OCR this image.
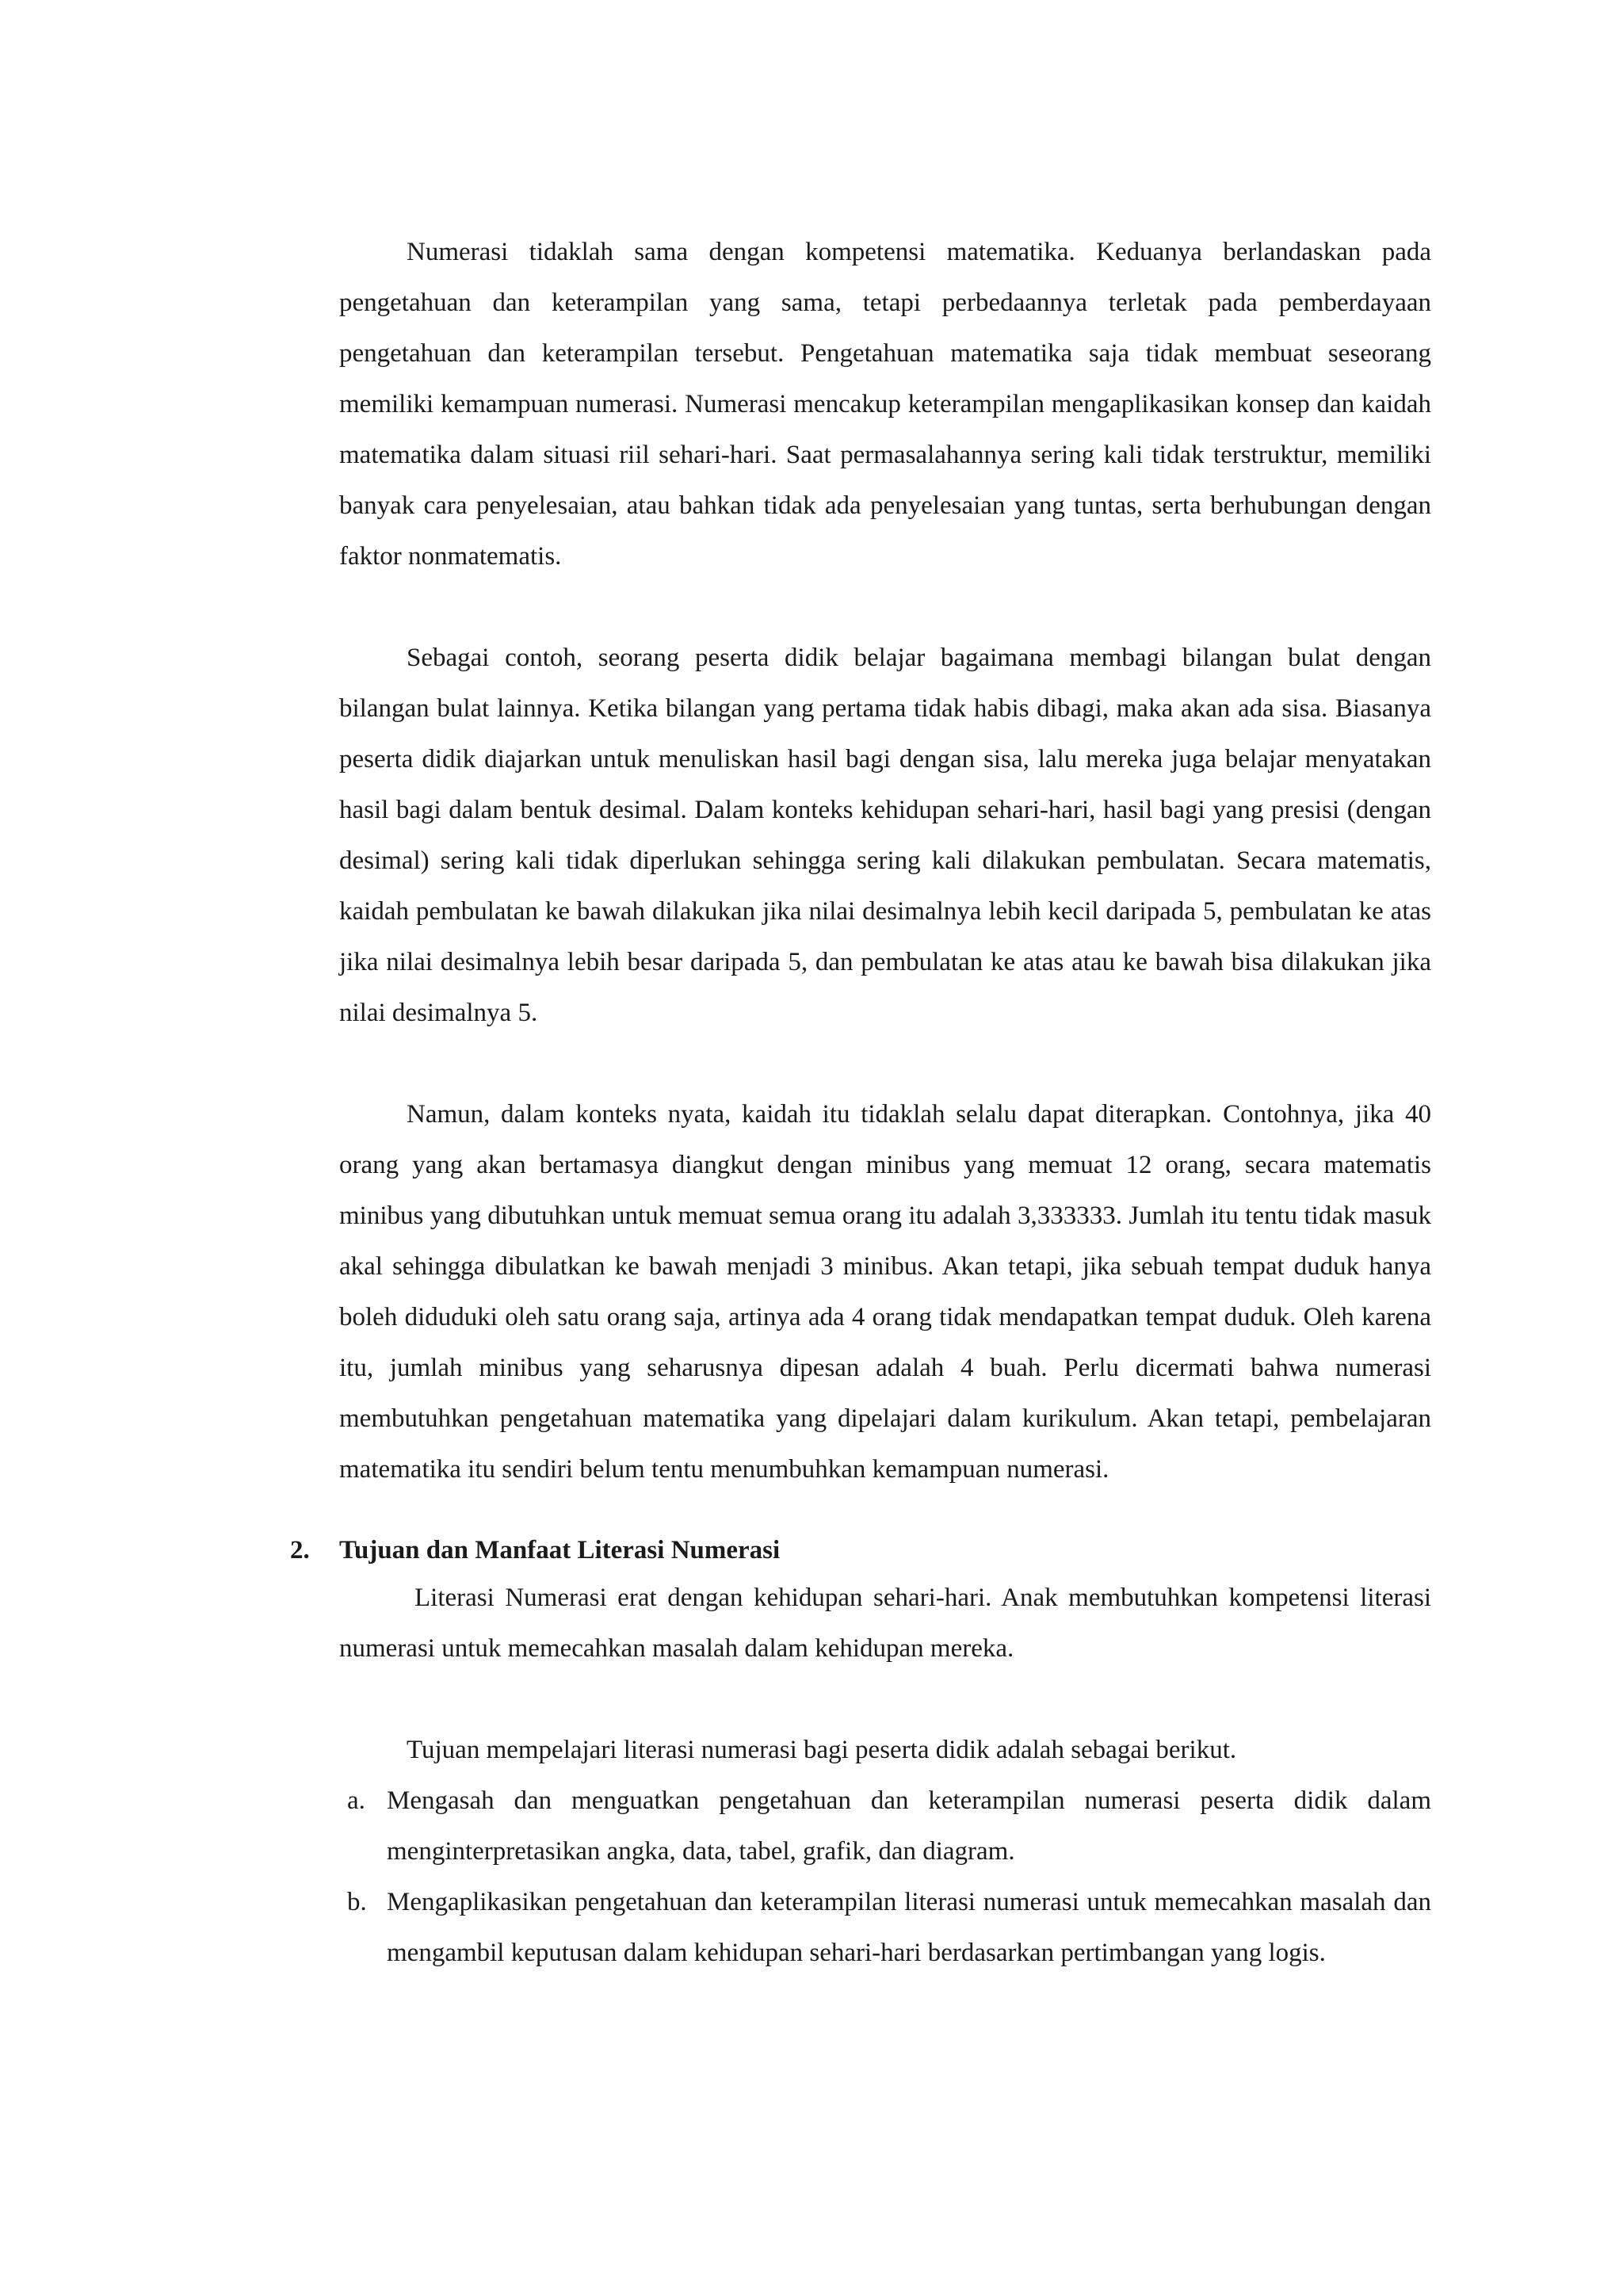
Numerasi tidaklah sama dengan kompetensi matematika. Keduanya berlandaskan pada pengetahuan dan keterampilan yang sama, tetapi perbedaannya terletak pada pemberdayaan pengetahuan dan keterampilan tersebut. Pengetahuan matematika saja tidak membuat seseorang memiliki kemampuan numerasi. Numerasi mencakup keterampilan mengaplikasikan konsep dan kaidah matematika dalam situasi riil sehari-hari. Saat permasalahannya sering kali tidak terstruktur, memiliki banyak cara penyelesaian, atau bahkan tidak ada penyelesaian yang tuntas, serta berhubungan dengan faktor nonmatematis.

Sebagai contoh, seorang peserta didik belajar bagaimana membagi bilangan bulat dengan bilangan bulat lainnya. Ketika bilangan yang pertama tidak habis dibagi, maka akan ada sisa. Biasanya peserta didik diajarkan untuk menuliskan hasil bagi dengan sisa, lalu mereka juga belajar menyatakan hasil bagi dalam bentuk desimal. Dalam konteks kehidupan sehari-hari, hasil bagi yang presisi (dengan desimal) sering kali tidak diperlukan sehingga sering kali dilakukan pembulatan. Secara matematis, kaidah pembulatan ke bawah dilakukan jika nilai desimalnya lebih kecil daripada 5, pembulatan ke atas jika nilai desimalnya lebih besar daripada 5, dan pembulatan ke atas atau ke bawah bisa dilakukan jika nilai desimalnya 5.

Namun, dalam konteks nyata, kaidah itu tidaklah selalu dapat diterapkan. Contohnya, jika 40 orang yang akan bertamasya diangkut dengan minibus yang memuat 12 orang, secara matematis minibus yang dibutuhkan untuk memuat semua orang itu adalah 3,333333. Jumlah itu tentu tidak masuk akal sehingga dibulatkan ke bawah menjadi 3 minibus. Akan tetapi, jika sebuah tempat duduk hanya boleh diduduki oleh satu orang saja, artinya ada 4 orang tidak mendapatkan tempat duduk. Oleh karena itu, jumlah minibus yang seharusnya dipesan adalah 4 buah. Perlu dicermati bahwa numerasi membutuhkan pengetahuan matematika yang dipelajari dalam kurikulum. Akan tetapi, pembelajaran matematika itu sendiri belum tentu menumbuhkan kemampuan numerasi.

2. Tujuan dan Manfaat Literasi Numerasi

Literasi Numerasi erat dengan kehidupan sehari-hari. Anak membutuhkan kompetensi literasi numerasi untuk memecahkan masalah dalam kehidupan mereka.

Tujuan mempelajari literasi numerasi bagi peserta didik adalah sebagai berikut.

a. Mengasah dan menguatkan pengetahuan dan keterampilan numerasi peserta didik dalam menginterpretasikan angka, data, tabel, grafik, dan diagram.
b. Mengaplikasikan pengetahuan dan keterampilan literasi numerasi untuk memecahkan masalah dan mengambil keputusan dalam kehidupan sehari-hari berdasarkan pertimbangan yang logis.
